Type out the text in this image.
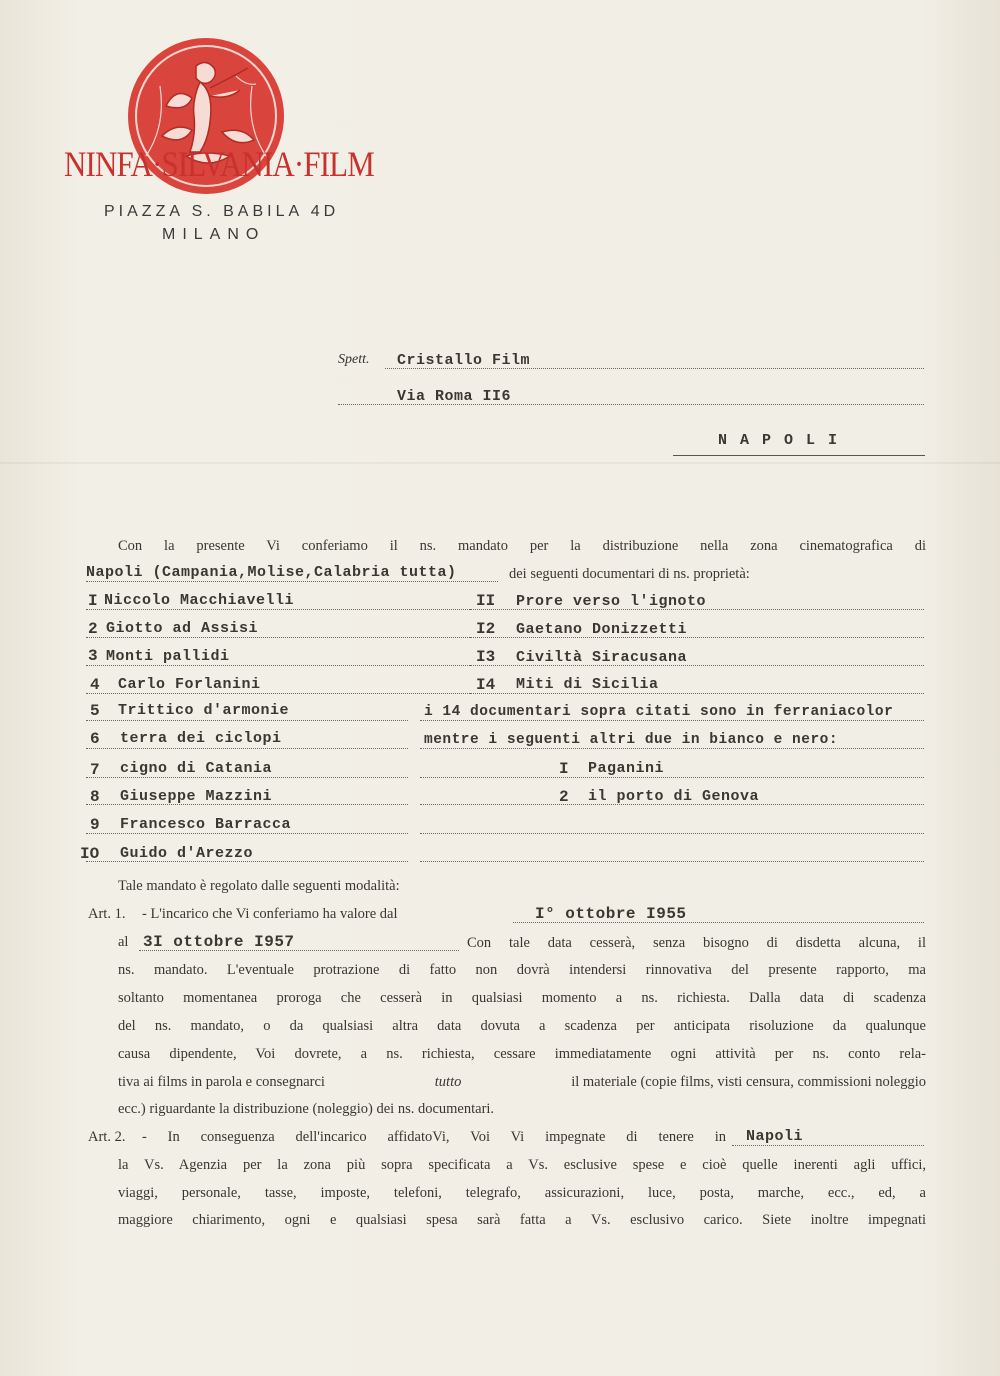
NINFA·SILVANIA·FILM
PIAZZA S. BABILA 4D
MILANO
Spett. Cristallo Film
Via Roma II6
N A P O L I
Con la presente Vi conferiamo il ns. mandato per la distribuzione nella zona cinematografica di
Napoli (Campania,Molise,Calabria tutta)	dei seguenti documentari di ns. proprietà:
I Niccolo Macchiavelli
2 Giotto ad Assisi
3 Monti pallidi
4 Carlo Forlanini
5 Trittico d'armonie
6 terra dei ciclopi
7 cigno di Catania
8 Giuseppe Mazzini
9 Francesco Barracca
IO Guido d'Arezzo
II Prore verso l'ignoto
I2 Gaetano Donizzetti
I3 Civiltà Siracusana
I4 Miti di Sicilia
i 14 documentari sopra citati sono in ferraniacolor
mentre i seguenti altri due in bianco e nero:
I Paganini
2 il porto di Genova
Tale mandato è regolato dalle seguenti modalità:
Art. 1. - L'incarico che Vi conferiamo ha valore dal	I° ottobre I955
al 3I ottobre I957	Con tale data cesserà, senza bisogno di disdetta alcuna, il
ns. mandato. L'eventuale protrazione di fatto non dovrà intendersi rinnovativa del presente rapporto, ma
soltanto momentanea proroga che cesserà in qualsiasi momento a ns. richiesta. Dalla data di scadenza
del ns. mandato, o da qualsiasi altra data dovuta a scadenza per anticipata risoluzione da qualunque
causa dipendente, Voi dovrete, a ns. richiesta, cessare immediatamente ogni attività per ns. conto rela-
tiva ai films in parola e consegnarci	tutto	il materiale (copie films, visti censura, commissioni noleggio
ecc.) riguardante la distribuzione (noleggio) dei ns. documentari.
Art. 2. - In conseguenza dell'incarico affidatoVi, Voi Vi impegnate di tenere in Napoli
la Vs. Agenzia per la zona più sopra specificata a Vs. esclusive spese e cioè quelle inerenti agli uffici,
viaggi, personale, tasse, imposte, telefoni, telegrafo, assicurazioni, luce, posta, marche, ecc., ed, a
maggiore chiarimento, ogni e qualsiasi spesa sarà fatta a Vs. esclusivo carico. Siete inoltre impegnati
